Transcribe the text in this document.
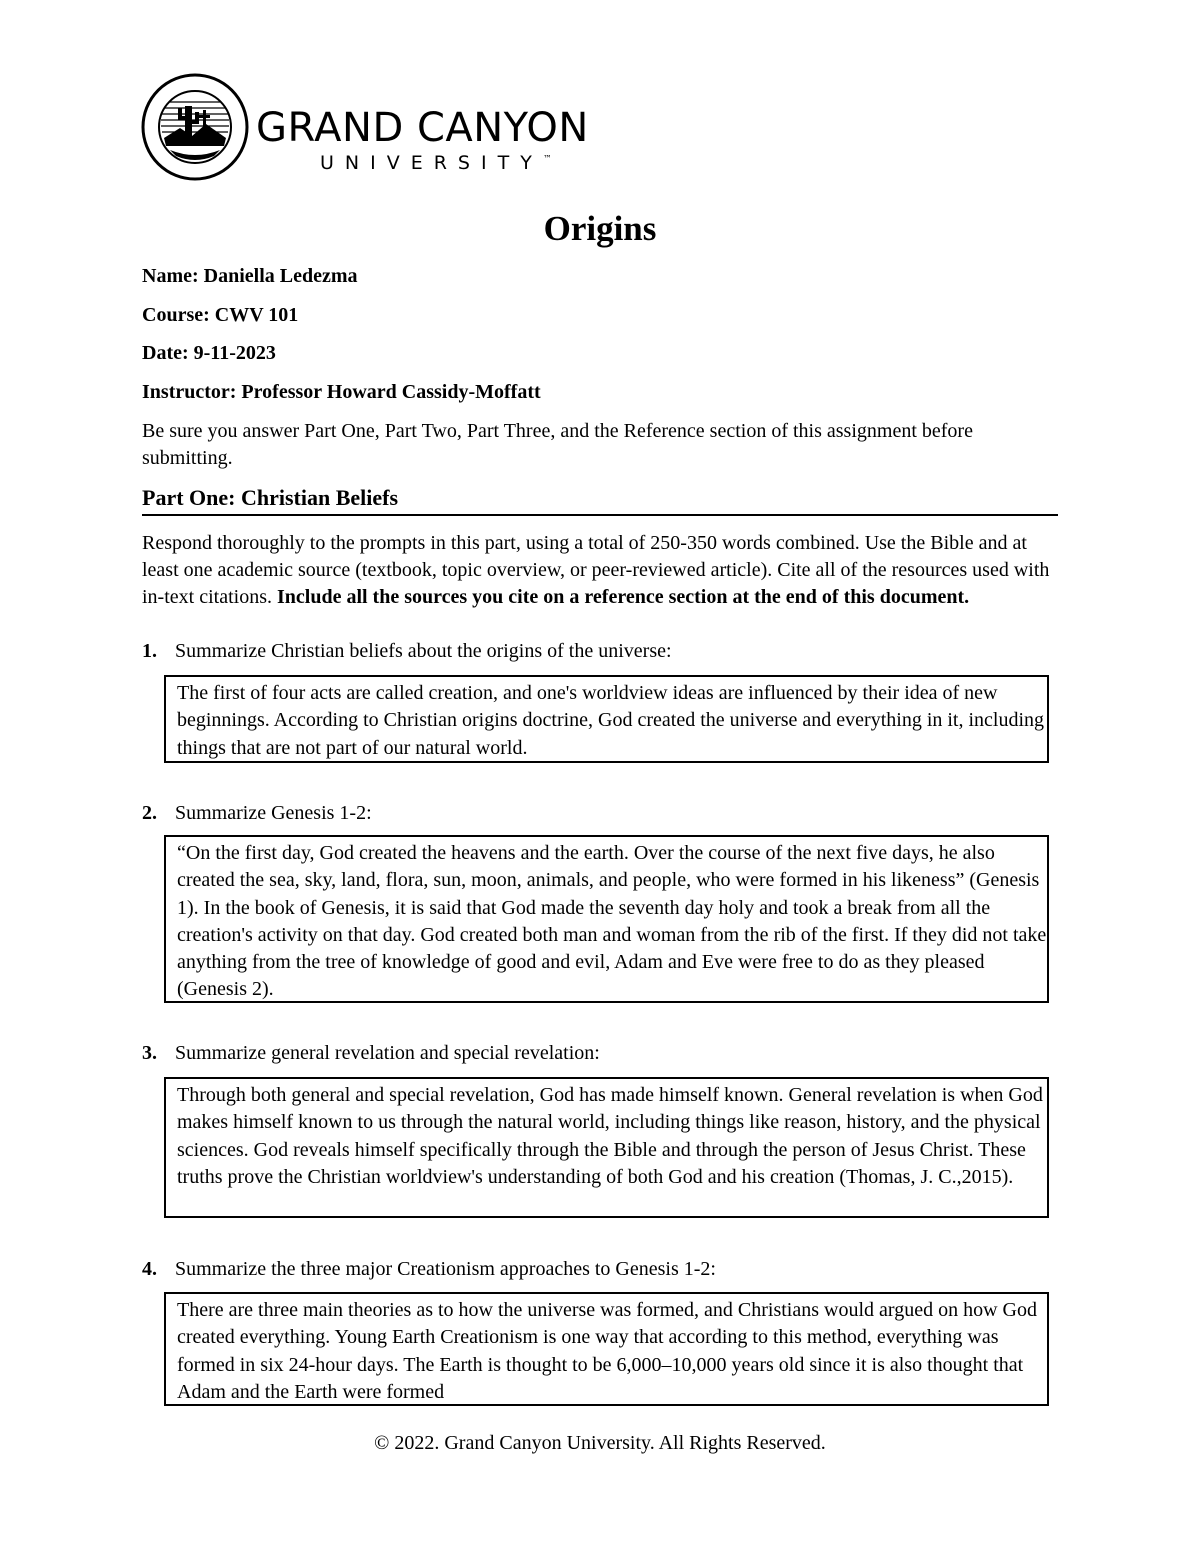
GRAND CANYON
UNIVERSITY™
Origins
Name: Daniella Ledezma
Course: CWV 101
Date: 9-11-2023
Instructor: Professor Howard Cassidy-Moffatt
Be sure you answer Part One, Part Two, Part Three, and the Reference section of this assignment before submitting.
Part One: Christian Beliefs
Respond thoroughly to the prompts in this part, using a total of 250-350 words combined. Use the Bible and at least one academic source (textbook, topic overview, or peer-reviewed article). Cite all of the resources used with in-text citations. Include all the sources you cite on a reference section at the end of this document.
1. Summarize Christian beliefs about the origins of the universe:
The first of four acts are called creation, and one's worldview ideas are influenced by their idea of new beginnings. According to Christian origins doctrine, God created the universe and everything in it, including things that are not part of our natural world.
2. Summarize Genesis 1-2:
“On the first day, God created the heavens and the earth. Over the course of the next five days, he also created the sea, sky, land, flora, sun, moon, animals, and people, who were formed in his likeness” (Genesis 1). In the book of Genesis, it is said that God made the seventh day holy and took a break from all the creation's activity on that day. God created both man and woman from the rib of the first. If they did not take anything from the tree of knowledge of good and evil, Adam and Eve were free to do as they pleased (Genesis 2).
3. Summarize general revelation and special revelation:
Through both general and special revelation, God has made himself known. General revelation is when God makes himself known to us through the natural world, including things like reason, history, and the physical sciences. God reveals himself specifically through the Bible and through the person of Jesus Christ. These truths prove the Christian worldview's understanding of both God and his creation (Thomas, J. C.,2015).
4. Summarize the three major Creationism approaches to Genesis 1-2:
There are three main theories as to how the universe was formed, and Christians would argued on how God created everything. Young Earth Creationism is one way that according to this method, everything was formed in six 24-hour days. The Earth is thought to be 6,000–10,000 years old since it is also thought that Adam and the Earth were formed
© 2022. Grand Canyon University. All Rights Reserved.
